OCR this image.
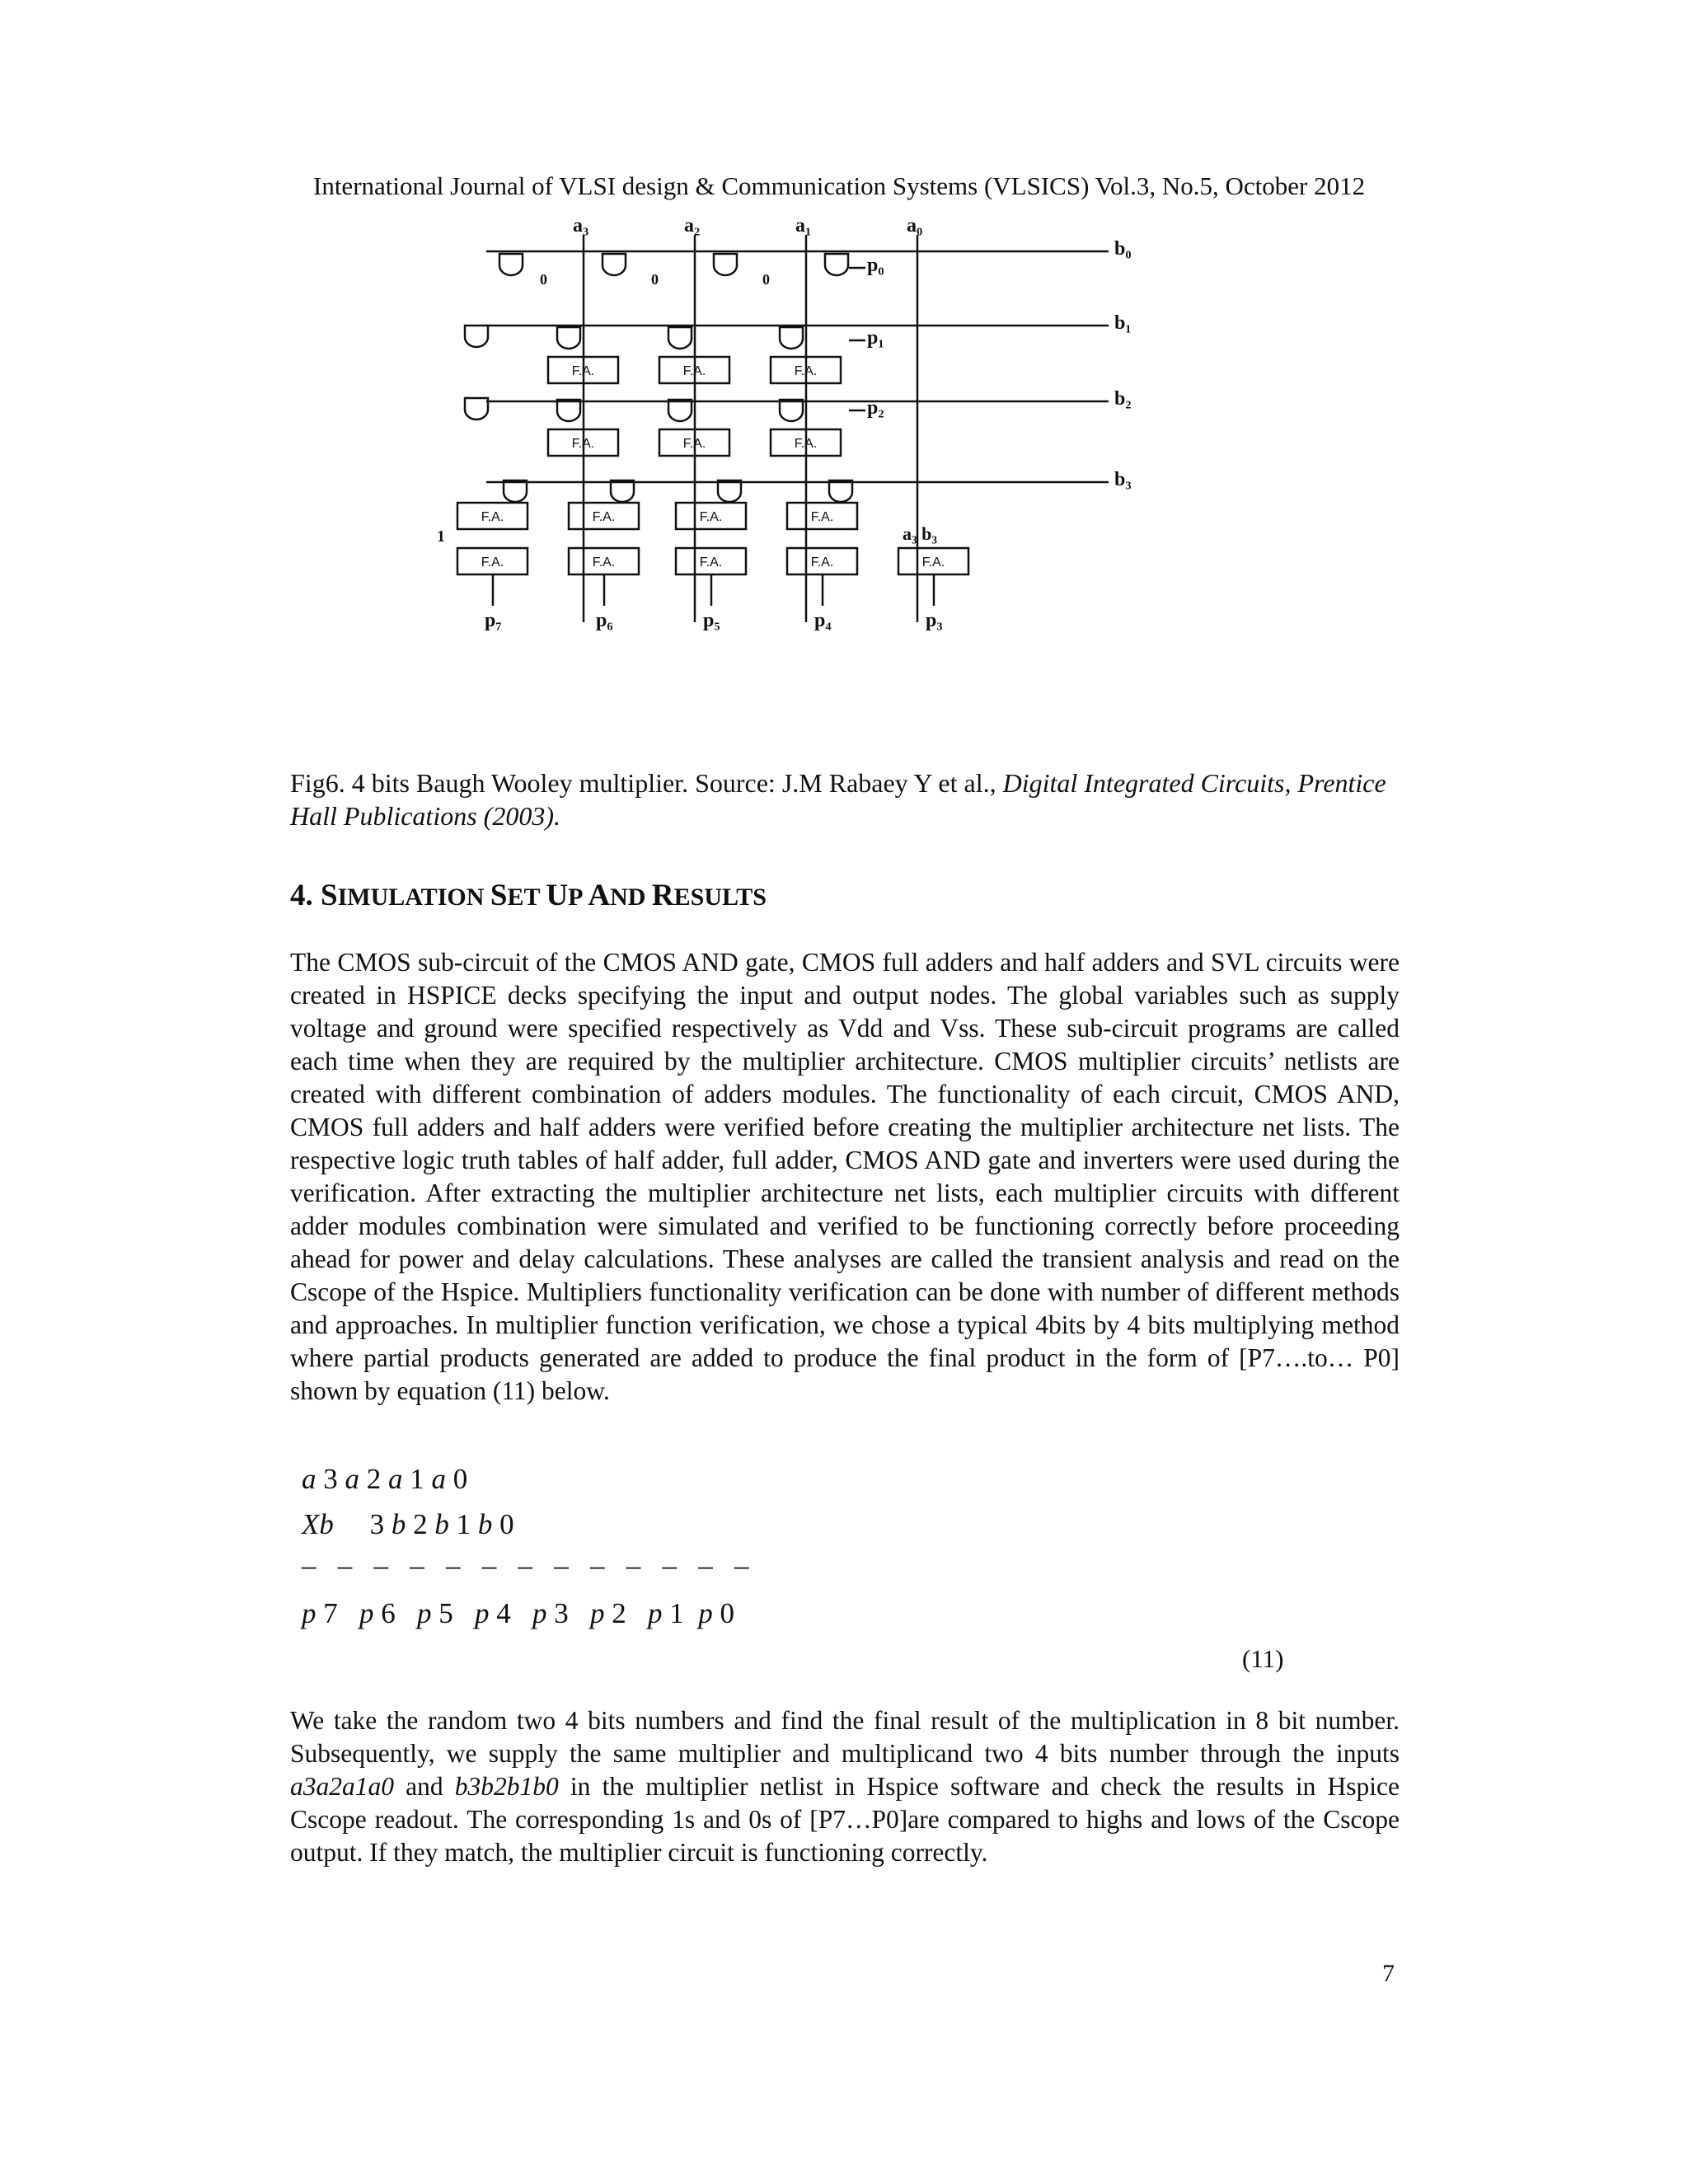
International Journal of VLSI design & Communication Systems (VLSICS) Vol.3, No.5, October 2012
a₃	a₂	a₁	a₀
b₀
b₁
b₂
b₃
F.A.	F.A.	F.A.
F.A.	F.A.	F.A.
0	0	0
F.A.	F.A.	F.A.	F.A.
F.A.	F.A.	F.A.	F.A.	F.A.
1	a₃ b₃
p₀
p₁
p₂
p₇	p₆	p₅	p₄	p₃
Fig6. 4 bits Baugh Wooley multiplier. Source: J.M Rabaey Y et al., Digital Integrated Circuits, Prentice Hall Publications (2003).
4. SIMULATION SET UP AND RESULTS

The CMOS sub-circuit of the CMOS AND gate, CMOS full adders and half adders and SVL circuits were created in HSPICE decks specifying the input and output nodes. The global variables such as supply voltage and ground were specified respectively as Vdd and Vss. These sub-circuit programs are called each time when they are required by the multiplier architecture. CMOS multiplier circuits’ netlists are created with different combination of adders modules. The functionality of each circuit, CMOS AND, CMOS full adders and half adders were verified before creating the multiplier architecture net lists. The respective logic truth tables of half adder, full adder, CMOS AND gate and inverters were used during the verification. After extracting the multiplier architecture net lists, each multiplier circuits with different adder modules combination were simulated and verified to be functioning correctly before proceeding ahead for power and delay calculations. These analyses are called the transient analysis and read on the Cscope of the Hspice. Multipliers functionality verification can be done with number of different methods and approaches. In multiplier function verification, we chose a typical 4bits by 4 bits multiplying method where partial products generated are added to produce the final product in the form of [P7….to… P0] shown by equation (11) below.

a 3 a 2 a 1 a 0
Xb     3 b 2 b 1 b 0
–   –   –   –   –   –   –   –   –   –   –   –   –
p 7   p 6   p 5   p 4   p 3   p 2   p 1  p 0
(11)

We take the random two 4 bits numbers and find the final result of the multiplication in 8 bit number. Subsequently, we supply the same multiplier and multiplicand two 4 bits number through the inputs a3a2a1a0 and b3b2b1b0 in the multiplier netlist in Hspice software and check the results in Hspice Cscope readout. The corresponding 1s and 0s of [P7…P0]are compared to highs and lows of the Cscope output. If they match, the multiplier circuit is functioning correctly.

7
